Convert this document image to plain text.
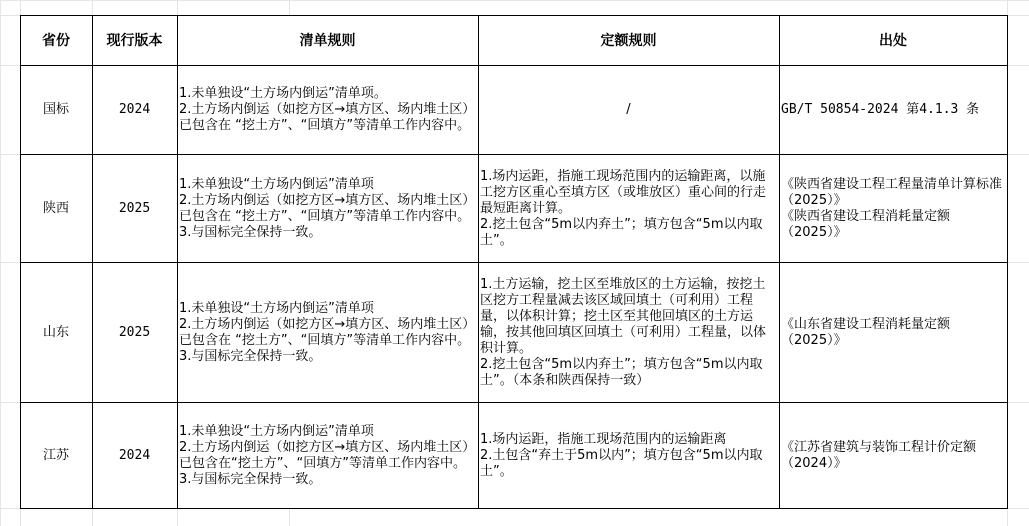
省份	现行版本	清单规则	定额规则	出处
国标	2024	1.未单独设“土方场内倒运”清单项。
2.土方场内倒运（如挖方区→填方区、场内堆土区）已包含在 “挖土方”、“回填方”等清单工作内容中。	/	GB/T 50854-2024 第4.1.3 条

陕西	2025	1.未单独设“土方场内倒运”清单项
2.土方场内倒运（如挖方区→填方区、场内堆土区）已包含在 “挖土方”、“回填方”等清单工作内容中。
3.与国标完全保持一致。	1.场内运距，指施工现场范围内的运输距离，以施工挖方区重心至填方区（或堆放区）重心间的行走最短距离计算。
2.挖土包含“5m以内弃土”；填方包含“5m以内取土”。	《陕西省建设工程工程量清单计算标准（2025）》
《陕西省建设工程消耗量定额（2025）》

山东	2025	1.未单独设“土方场内倒运”清单项
2.土方场内倒运（如挖方区→填方区、场内堆土区）已包含在 “挖土方”、“回填方”等清单工作内容中。
3.与国标完全保持一致。	1.土方运输，挖土区至堆放区的土方运输，按挖土区挖方工程量减去该区域回填土（可利用）工程量，以体积计算；挖土区至其他回填区的土方运输，按其他回填区回填土（可利用）工程量，以体积计算。
2.挖土包含“5m以内弃土”；填方包含“5m以内取土”。（本条和陕西保持一致）	《山东省建设工程消耗量定额（2025）》

江苏	2024	1.未单独设“土方场内倒运”清单项
2.土方场内倒运（如挖方区→填方区、场内堆土区）已包含在“挖土方”、“回填方”等清单工作内容中。
3.与国标完全保持一致。	1.场内运距，指施工现场范围内的运输距离
2.土包含“弃土于5m以内”；填方包含“5m以内取土”。	《江苏省建筑与装饰工程计价定额（2024）》
